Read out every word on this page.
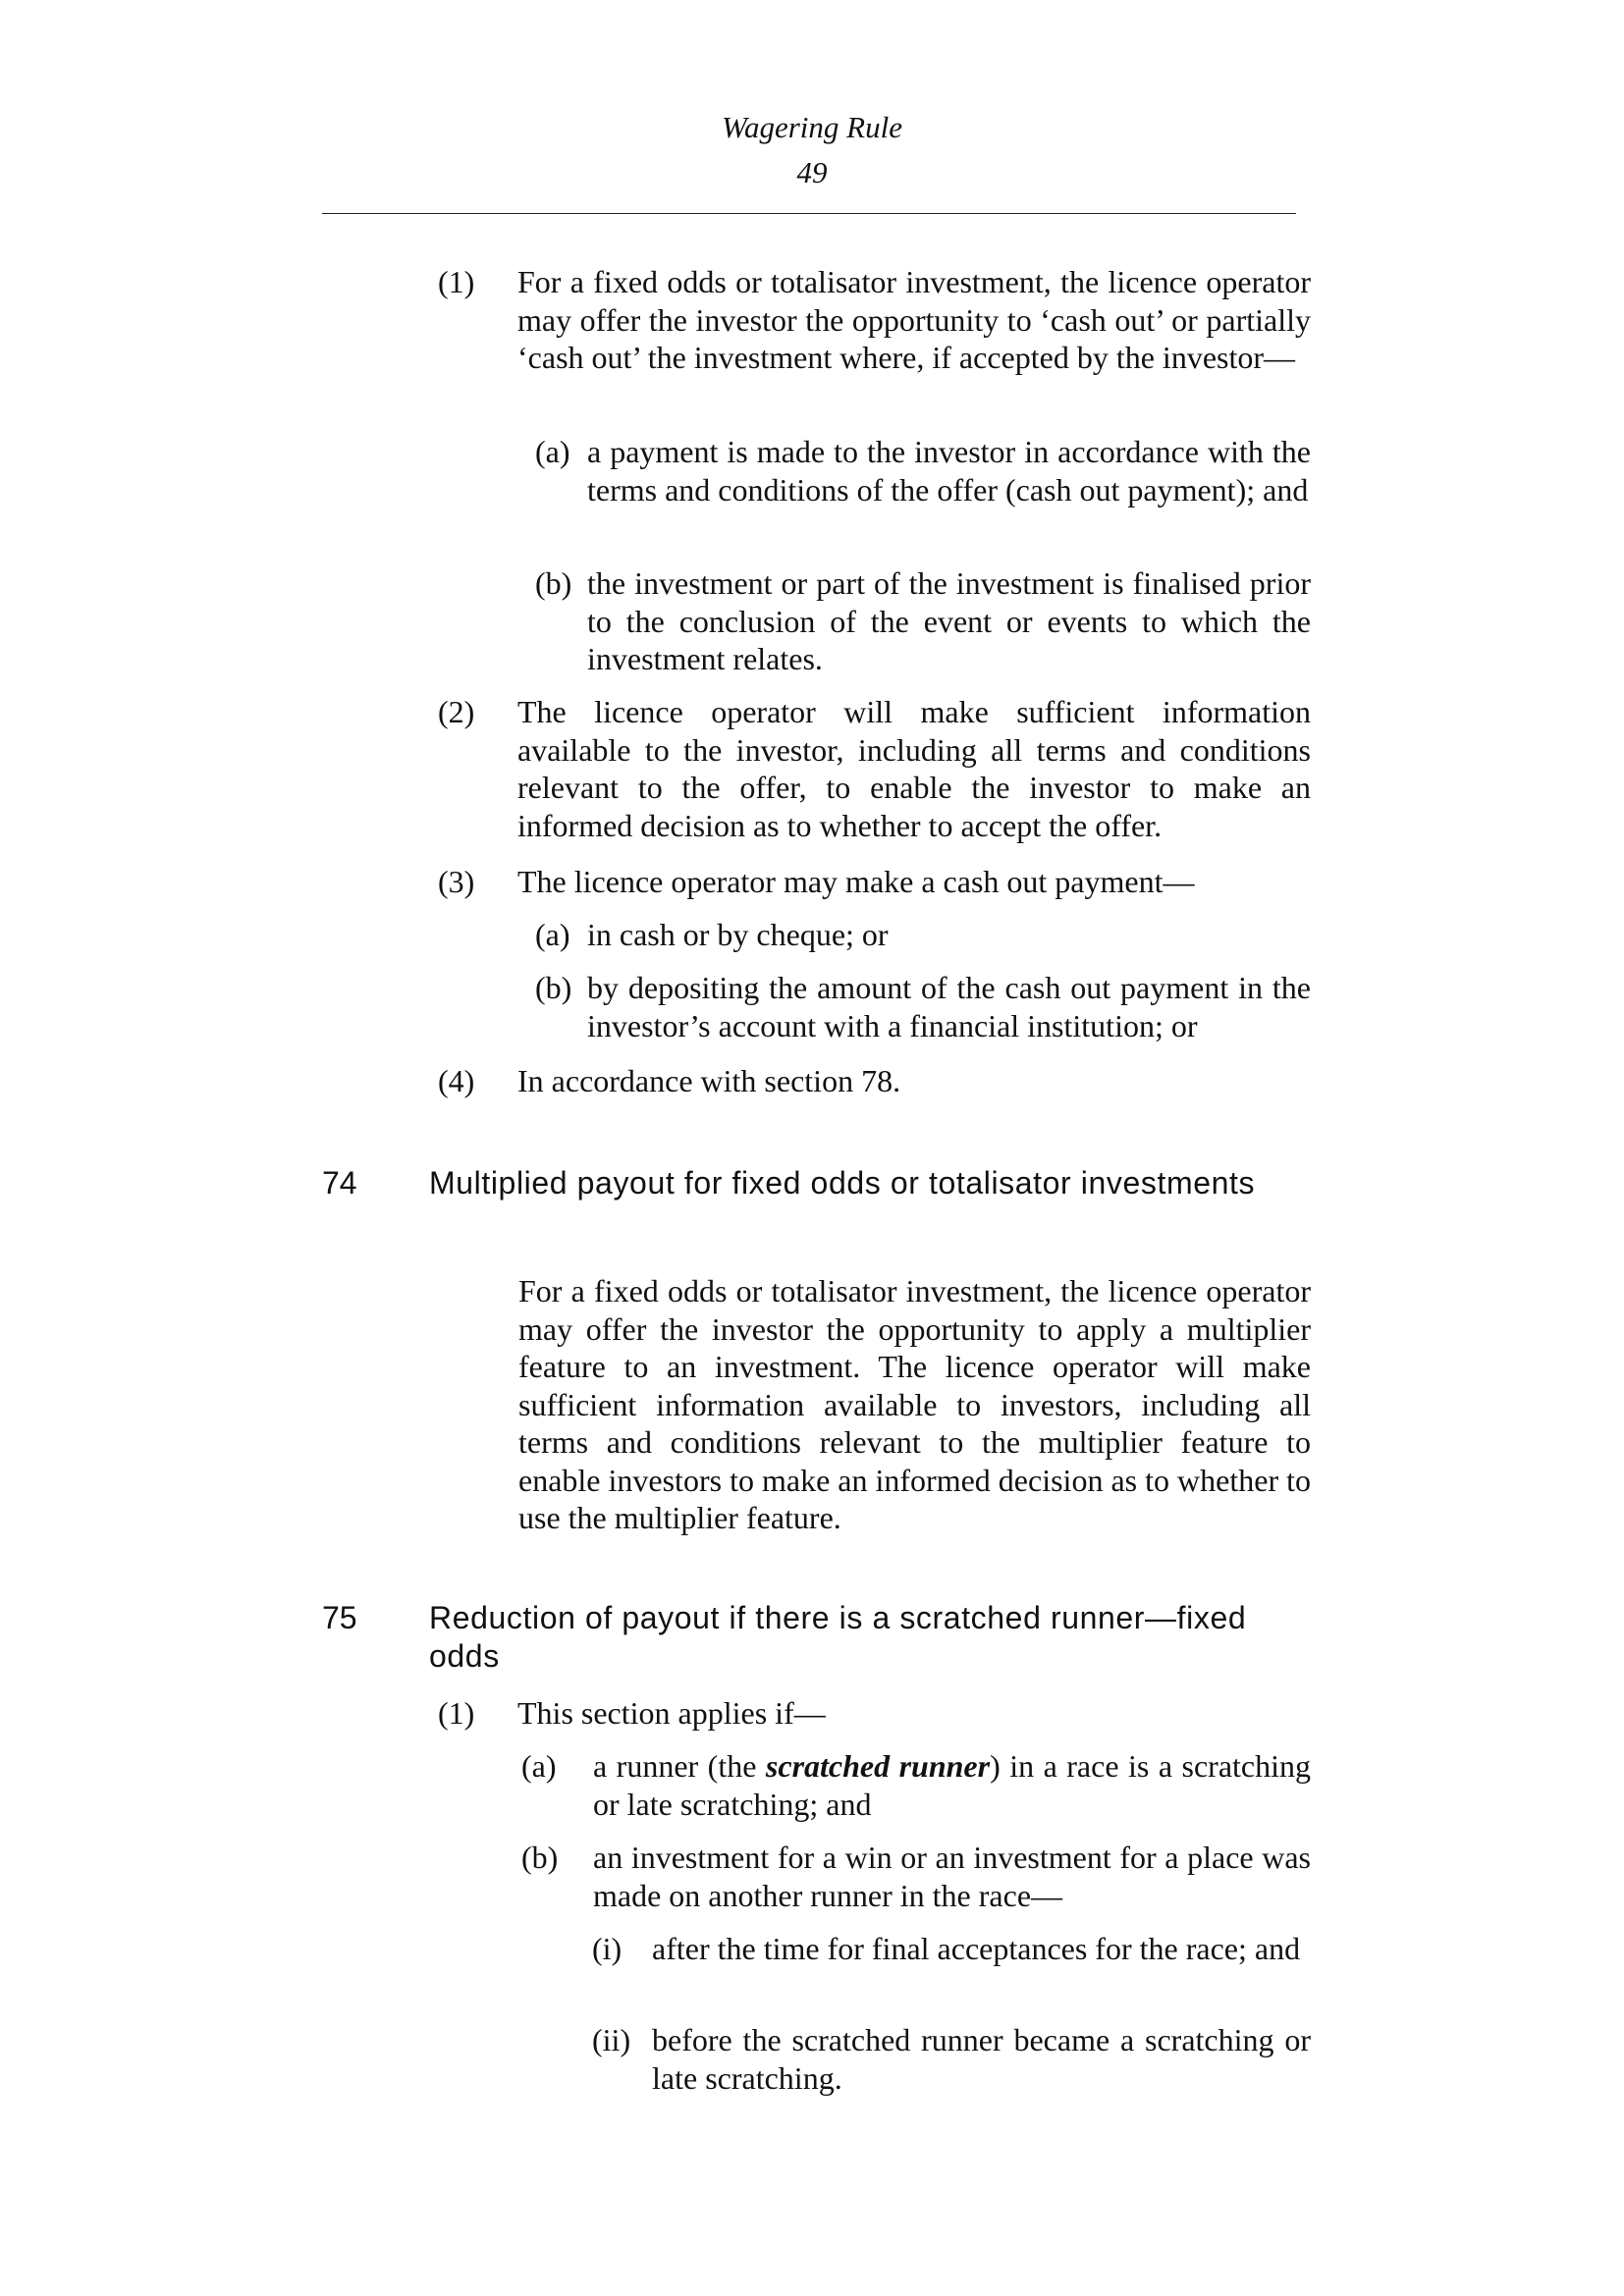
Wagering Rule
49
(1) For a fixed odds or totalisator investment, the licence operator may offer the investor the opportunity to ‘cash out’ or partially ‘cash out’ the investment where, if accepted by the investor—
(a) a payment is made to the investor in accordance with the terms and conditions of the offer (cash out payment); and
(b) the investment or part of the investment is finalised prior to the conclusion of the event or events to which the investment relates.
(2) The licence operator will make sufficient information available to the investor, including all terms and conditions relevant to the offer, to enable the investor to make an informed decision as to whether to accept the offer.
(3) The licence operator may make a cash out payment—
(a) in cash or by cheque; or
(b) by depositing the amount of the cash out payment in the investor’s account with a financial institution; or
(4) In accordance with section 78.
74 Multiplied payout for fixed odds or totalisator investments
For a fixed odds or totalisator investment, the licence operator may offer the investor the opportunity to apply a multiplier feature to an investment. The licence operator will make sufficient information available to investors, including all terms and conditions relevant to the multiplier feature to enable investors to make an informed decision as to whether to use the multiplier feature.
75 Reduction of payout if there is a scratched runner—fixed odds
(1) This section applies if—
(a) a runner (the scratched runner) in a race is a scratching or late scratching; and
(b) an investment for a win or an investment for a place was made on another runner in the race—
(i) after the time for final acceptances for the race; and
(ii) before the scratched runner became a scratching or late scratching.
